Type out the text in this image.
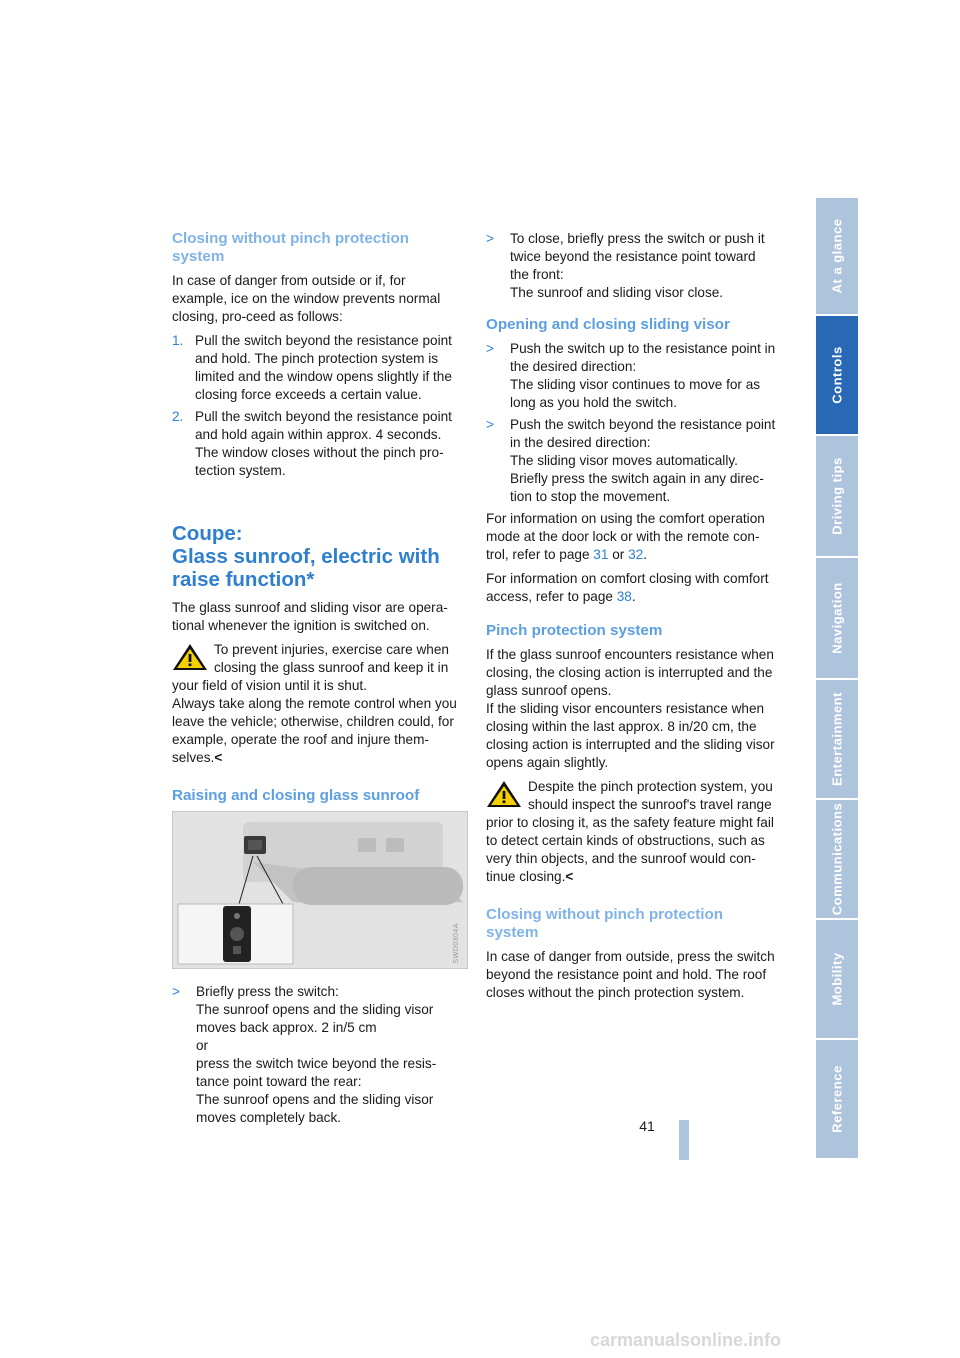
Closing without pinch protection system

In case of danger from outside or if, for example, ice on the window prevents normal closing, pro-ceed as follows:

1. Pull the switch beyond the resistance point and hold. The pinch protection system is limited and the window opens slightly if the closing force exceeds a certain value.
2. Pull the switch beyond the resistance point and hold again within approx. 4 seconds. The window closes without the pinch pro-tection system.
Coupe:
Glass sunroof, electric with
raise function*

The glass sunroof and sliding visor are opera-tional whenever the ignition is switched on.

To prevent injuries, exercise care when closing the glass sunroof and keep it in your field of vision until it is shut.
Always take along the remote control when you leave the vehicle; otherwise, children could, for example, operate the roof and injure them-selves.<
Raising and closing glass sunroof
SWD0304A
>	Briefly press the switch:
The sunroof opens and the sliding visor moves back approx. 2 in/5 cm
or
press the switch twice beyond the resis-tance point toward the rear:
The sunroof opens and the sliding visor moves completely back.
>	To close, briefly press the switch or push it twice beyond the resistance point toward the front:
The sunroof and sliding visor close.
Opening and closing sliding visor
>	Push the switch up to the resistance point in the desired direction:
The sliding visor continues to move for as long as you hold the switch.
>	Push the switch beyond the resistance point in the desired direction:
The sliding visor moves automatically.
Briefly press the switch again in any direc-tion to stop the movement.

For information on using the comfort operation mode at the door lock or with the remote con-trol, refer to page 31 or 32.

For information on comfort closing with comfort access, refer to page 38.

Pinch protection system

If the glass sunroof encounters resistance when closing, the closing action is interrupted and the glass sunroof opens.

If the sliding visor encounters resistance when closing within the last approx. 8 in/20 cm, the closing action is interrupted and the sliding visor opens again slightly.

Despite the pinch protection system, you should inspect the sunroof's travel range prior to closing it, as the safety feature might fail to detect certain kinds of obstructions, such as very thin objects, and the sunroof would con-tinue closing.<
Closing without pinch protection system

In case of danger from outside, press the switch beyond the resistance point and hold. The roof closes without the pinch protection system.

At a glance
Controls
Driving tips
Navigation
Entertainment
Communications
Mobility
Reference
41
carmanualsonline.info
